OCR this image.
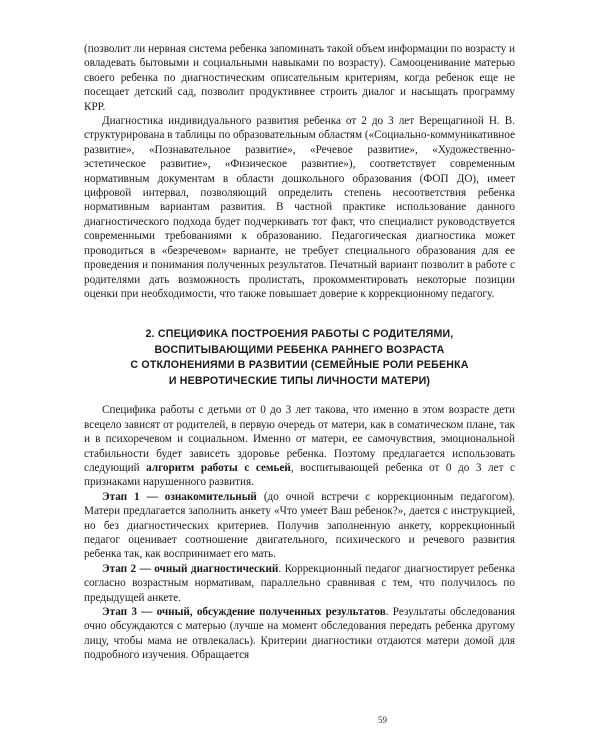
(позволит ли нервная система ребенка запоминать такой объем информации по возрасту и овладевать бытовыми и социальными навыками по возрасту). Самооценивание матерью своего ребенка по диагностическим описательным критериям, когда ребенок еще не посещает детский сад, позволит продуктивнее строить диалог и насыщать программу КРР.

Диагностика индивидуального развития ребенка от 2 до 3 лет Верещагиной Н. В. структурирована в таблицы по образовательным областям («Социально-коммуникативное развитие», «Познавательное развитие», «Речевое развитие», «Художественно-эстетическое развитие», «Физическое развитие»), соответствует современным нормативным документам в области дошкольного образования (ФОП ДО), имеет цифровой интервал, позволяющий определить степень несоответствия ребенка нормативным вариантам развития. В частной практике использование данного диагностического подхода будет подчеркивать тот факт, что специалист руководствуется современными требованиями к образованию. Педагогическая диагностика может проводиться в «безречевом» варианте, не требует специального образования для ее проведения и понимания полученных результатов. Печатный вариант позволит в работе с родителями дать возможность пролистать, прокомментировать некоторые позиции оценки при необходимости, что также повышает доверие к коррекционному педагогу.

2. СПЕЦИФИКА ПОСТРОЕНИЯ РАБОТЫ С РОДИТЕЛЯМИ,
ВОСПИТЫВАЮЩИМИ РЕБЕНКА РАННЕГО ВОЗРАСТА
С ОТКЛОНЕНИЯМИ В РАЗВИТИИ (СЕМЕЙНЫЕ РОЛИ РЕБЕНКА
И НЕВРОТИЧЕСКИЕ ТИПЫ ЛИЧНОСТИ МАТЕРИ)

Специфика работы с детьми от 0 до 3 лет такова, что именно в этом возрасте дети всецело зависят от родителей, в первую очередь от матери, как в соматическом плане, так и в психоречевом и социальном. Именно от матери, ее самочувствия, эмоциональной стабильности будет зависеть здоровье ребенка. Поэтому предлагается использовать следующий алгоритм работы с семьей, воспитывающей ребенка от 0 до 3 лет с признаками нарушенного развития.

Этап 1 — ознакомительный (до очной встречи с коррекционным педагогом). Матери предлагается заполнить анкету «Что умеет Ваш ребенок?», дается с инструкцией, но без диагностических критериев. Получив заполненную анкету, коррекционный педагог оценивает соотношение двигательного, психического и речевого развития ребенка так, как воспринимает его мать.

Этап 2 — очный диагностический. Коррекционный педагог диагностирует ребенка согласно возрастным нормативам, параллельно сравнивая с тем, что получилось по предыдущей анкете.

Этап 3 — очный, обсуждение полученных результатов. Результаты обследования очно обсуждаются с матерью (лучше на момент обследования передать ребенка другому лицу, чтобы мама не отвлекалась). Критерии диагностики отдаются матери домой для подробного изучения. Обращается

59
